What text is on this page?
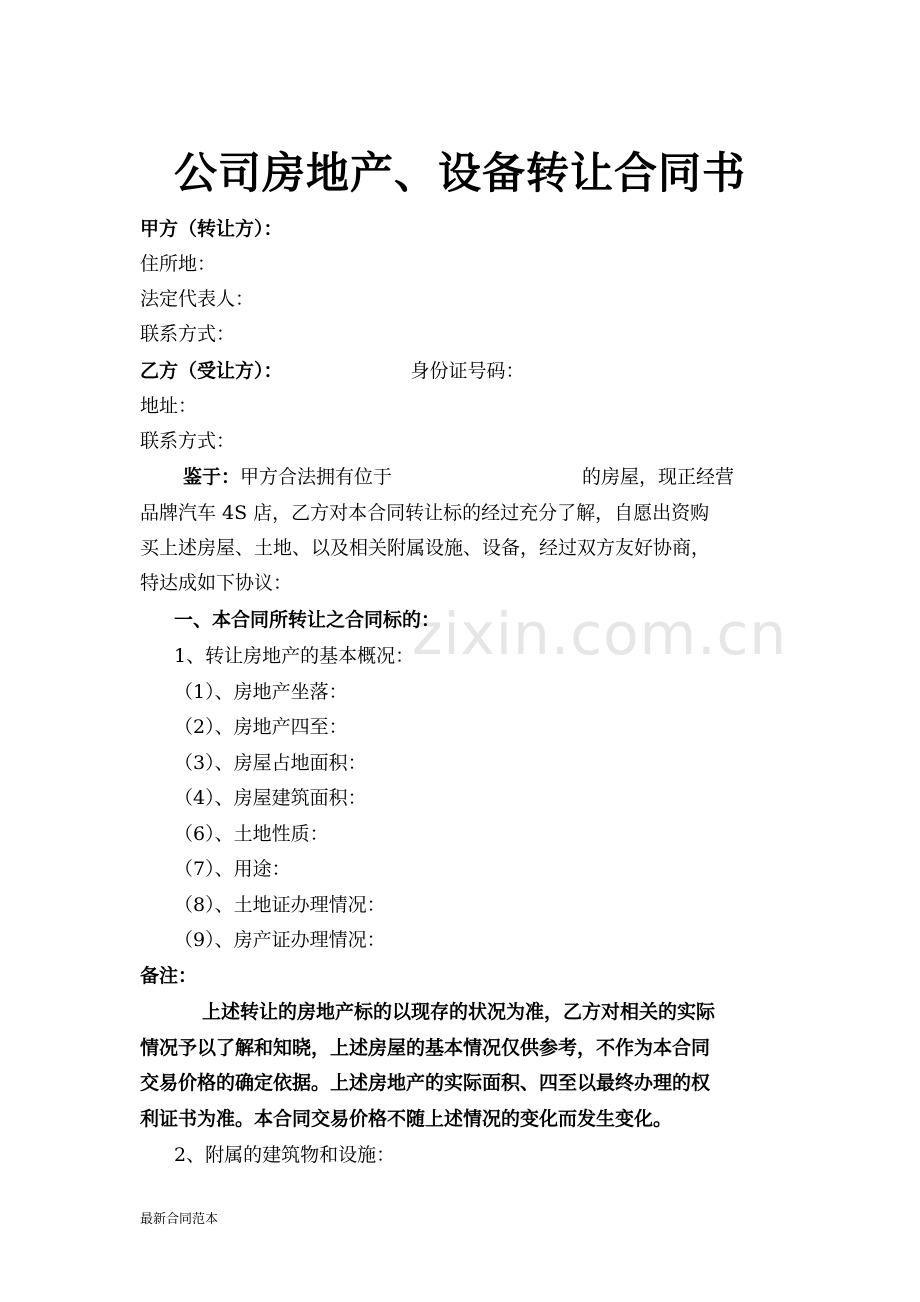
zixin.com.cn
公司房地产、设备转让合同书
甲方（转让方）：
住所地：
法定代表人：
联系方式：
乙方（受让方）：	身份证号码：
地址：
联系方式：
鉴于：甲方合法拥有位于	的房屋，现正经营
品牌汽车 4S 店，乙方对本合同转让标的经过充分了解，自愿出资购
买上述房屋、土地、以及相关附属设施、设备，经过双方友好协商，
特达成如下协议：
一、本合同所转让之合同标的：
1、转让房地产的基本概况：
（1）、房地产坐落：
（2）、房地产四至：
（3）、房屋占地面积：
（4）、房屋建筑面积：
（6）、土地性质：
（7）、用途：
（8）、土地证办理情况：
（9）、房产证办理情况：
备注：
上述转让的房地产标的以现存的状况为准，乙方对相关的实际
情况予以了解和知晓，上述房屋的基本情况仅供参考，不作为本合同
交易价格的确定依据。上述房地产的实际面积、四至以最终办理的权
利证书为准。本合同交易价格不随上述情况的变化而发生变化。
2、附属的建筑物和设施：
最新合同范本
